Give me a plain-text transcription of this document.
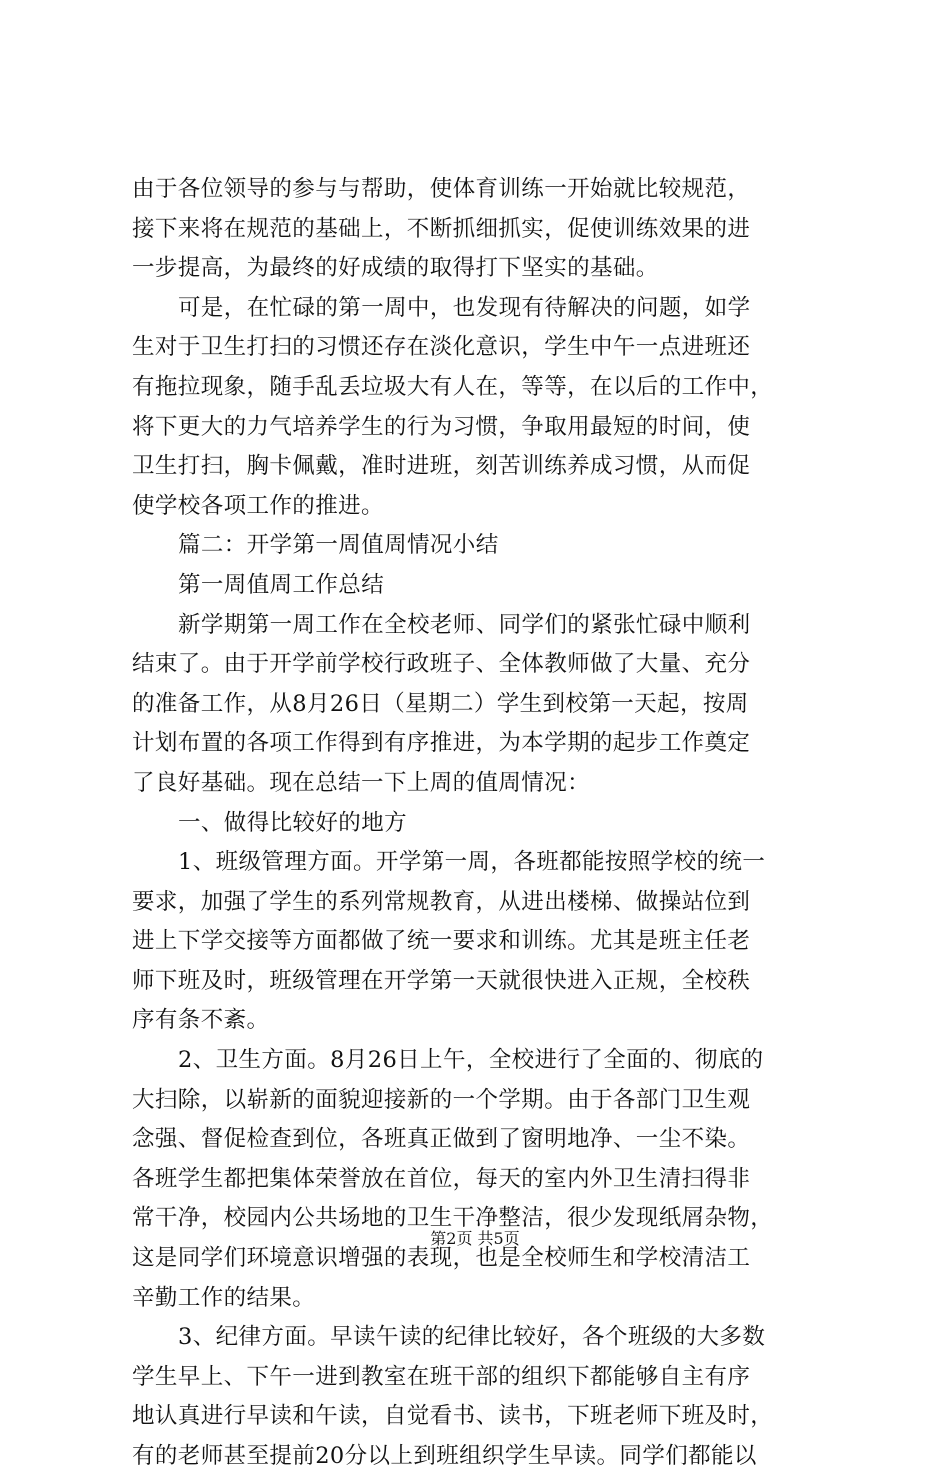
由于各位领导的参与与帮助，使体育训练一开始就比较规范，
接下来将在规范的基础上，不断抓细抓实，促使训练效果的进
一步提高，为最终的好成绩的取得打下坚实的基础。
可是，在忙碌的第一周中，也发现有待解决的问题，如学
生对于卫生打扫的习惯还存在淡化意识，学生中午一点进班还
有拖拉现象，随手乱丢垃圾大有人在，等等，在以后的工作中，
将下更大的力气培养学生的行为习惯，争取用最短的时间，使
卫生打扫，胸卡佩戴，准时进班，刻苦训练养成习惯，从而促
使学校各项工作的推进。
篇二：开学第一周值周情况小结
第一周值周工作总结
新学期第一周工作在全校老师、同学们的紧张忙碌中顺利
结束了。由于开学前学校行政班子、全体教师做了大量、充分
的准备工作，从8月26日（星期二）学生到校第一天起，按周
计划布置的各项工作得到有序推进，为本学期的起步工作奠定
了良好基础。现在总结一下上周的值周情况：
一、做得比较好的地方
1、班级管理方面。开学第一周，各班都能按照学校的统一
要求，加强了学生的系列常规教育，从进出楼梯、做操站位到
进上下学交接等方面都做了统一要求和训练。尤其是班主任老
师下班及时，班级管理在开学第一天就很快进入正规，全校秩
序有条不紊。
2、卫生方面。8月26日上午，全校进行了全面的、彻底的
大扫除，以崭新的面貌迎接新的一个学期。由于各部门卫生观
念强、督促检查到位，各班真正做到了窗明地净、一尘不染。
各班学生都把集体荣誉放在首位，每天的室内外卫生清扫得非
常干净，校园内公共场地的卫生干净整洁，很少发现纸屑杂物，
这是同学们环境意识增强的表现，也是全校师生和学校清洁工
辛勤工作的结果。
3、纪律方面。早读午读的纪律比较好，各个班级的大多数
学生早上、下午一进到教室在班干部的组织下都能够自主有序
地认真进行早读和午读，自觉看书、读书，下班老师下班及时，
有的老师甚至提前20分以上到班组织学生早读。同学们都能以
第2页 共5页
